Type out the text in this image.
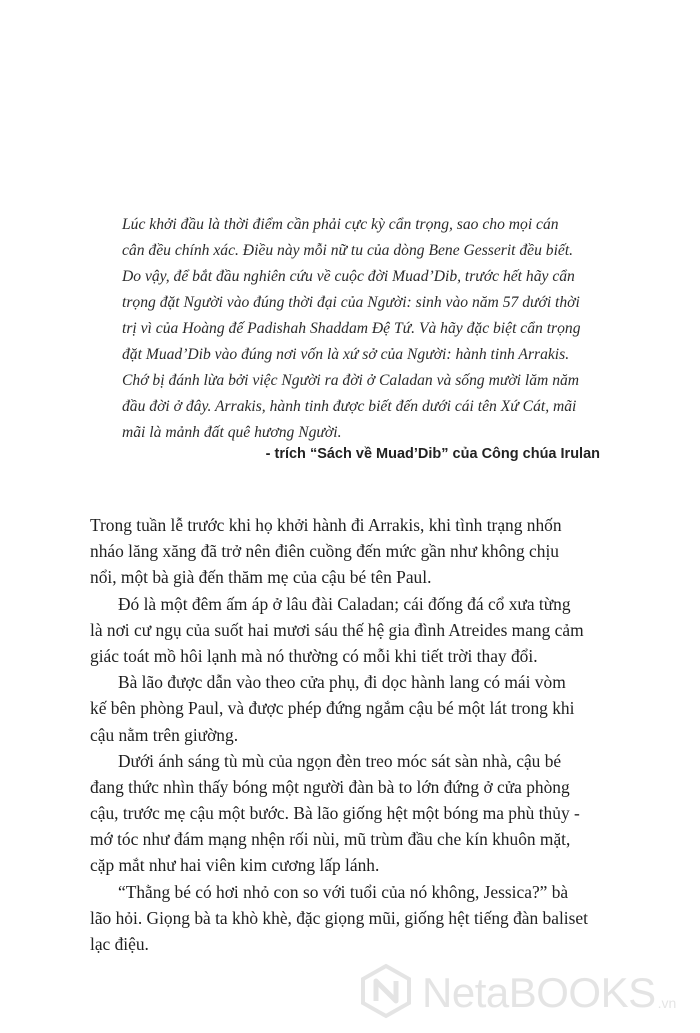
Lúc khởi đầu là thời điểm cần phải cực kỳ cẩn trọng, sao cho mọi cán
cân đều chính xác. Điều này mỗi nữ tu của dòng Bene Gesserit đều biết.
Do vậy, để bắt đầu nghiên cứu về cuộc đời Muad’Dib, trước hết hãy cẩn
trọng đặt Người vào đúng thời đại của Người: sinh vào năm 57 dưới thời
trị vì của Hoàng đế Padishah Shaddam Đệ Tứ. Và hãy đặc biệt cẩn trọng
đặt Muad’Dib vào đúng nơi vốn là xứ sở của Người: hành tinh Arrakis.
Chớ bị đánh lừa bởi việc Người ra đời ở Caladan và sống mười lăm năm
đầu đời ở đây. Arrakis, hành tinh được biết đến dưới cái tên Xứ Cát, mãi
mãi là mảnh đất quê hương Người.
- trích “Sách về Muad’Dib” của Công chúa Irulan
Trong tuần lễ trước khi họ khởi hành đi Arrakis, khi tình trạng nhốn
nháo lăng xăng đã trở nên điên cuồng đến mức gần như không chịu
nổi, một bà già đến thăm mẹ của cậu bé tên Paul.
Đó là một đêm ấm áp ở lâu đài Caladan; cái đống đá cổ xưa từng
là nơi cư ngụ của suốt hai mươi sáu thế hệ gia đình Atreides mang cảm
giác toát mồ hôi lạnh mà nó thường có mỗi khi tiết trời thay đổi.
Bà lão được dẫn vào theo cửa phụ, đi dọc hành lang có mái vòm
kế bên phòng Paul, và được phép đứng ngắm cậu bé một lát trong khi
cậu nằm trên giường.
Dưới ánh sáng tù mù của ngọn đèn treo móc sát sàn nhà, cậu bé
đang thức nhìn thấy bóng một người đàn bà to lớn đứng ở cửa phòng
cậu, trước mẹ cậu một bước. Bà lão giống hệt một bóng ma phù thủy -
mớ tóc như đám mạng nhện rối nùi, mũ trùm đầu che kín khuôn mặt,
cặp mắt như hai viên kim cương lấp lánh.
“Thằng bé có hơi nhỏ con so với tuổi của nó không, Jessica?” bà
lão hỏi. Giọng bà ta khò khè, đặc giọng mũi, giống hệt tiếng đàn baliset
lạc điệu.
NetaBOOKS .vn
